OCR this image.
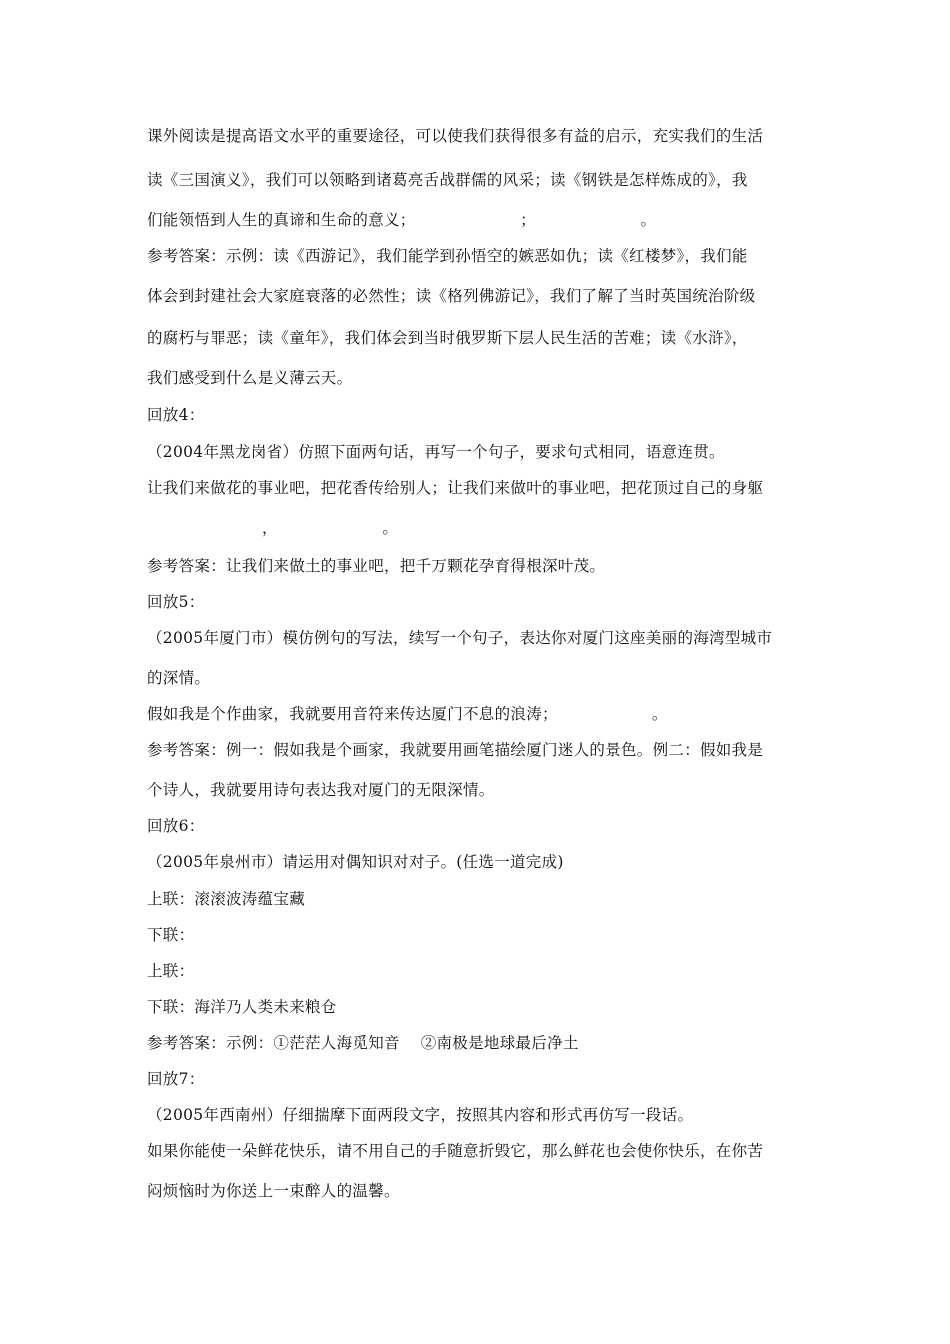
课外阅读是提高语文水平的重要途径，可以使我们获得很多有益的启示，充实我们的生活
读《三国演义》，我们可以领略到诸葛亮舌战群儒的风采；读《钢铁是怎样炼成的》，我
们能领悟到人生的真谛和生命的意义；                    ；                    。
参考答案：示例：读《西游记》，我们能学到孙悟空的嫉恶如仇；读《红楼梦》，我们能
体会到封建社会大家庭衰落的必然性；读《格列佛游记》，我们了解了当时英国统治阶级
的腐朽与罪恶；读《童年》，我们体会到当时俄罗斯下层人民生活的苦难；读《水浒》，
我们感受到什么是义薄云天。
回放4：
（2004年黑龙岗省）仿照下面两句话，再写一个句子，要求句式相同，语意连贯。
让我们来做花的事业吧，把花香传给别人；让我们来做叶的事业吧，把花顶过自己的身躯
，                    。
参考答案：让我们来做土的事业吧，把千万颗花孕育得根深叶茂。
回放5：
（2005年厦门市）模仿例句的写法，续写一个句子，表达你对厦门这座美丽的海湾型城市
的深情。
假如我是个作曲家，我就要用音符来传达厦门不息的浪涛；                  。
参考答案：例一：假如我是个画家，我就要用画笔描绘厦门迷人的景色。例二：假如我是
个诗人，我就要用诗句表达我对厦门的无限深情。
回放6：
（2005年泉州市）请运用对偶知识对对子。(任选一道完成)
上联：滚滚波涛蕴宝藏
下联：
上联：
下联：海洋乃人类未来粮仓
参考答案：示例：①茫茫人海觅知音    ②南极是地球最后净土
回放7：
（2005年西南州）仔细揣摩下面两段文字，按照其内容和形式再仿写一段话。
如果你能使一朵鲜花快乐，请不用自己的手随意折毁它，那么鲜花也会使你快乐，在你苦
闷烦恼时为你送上一束醉人的温馨。
